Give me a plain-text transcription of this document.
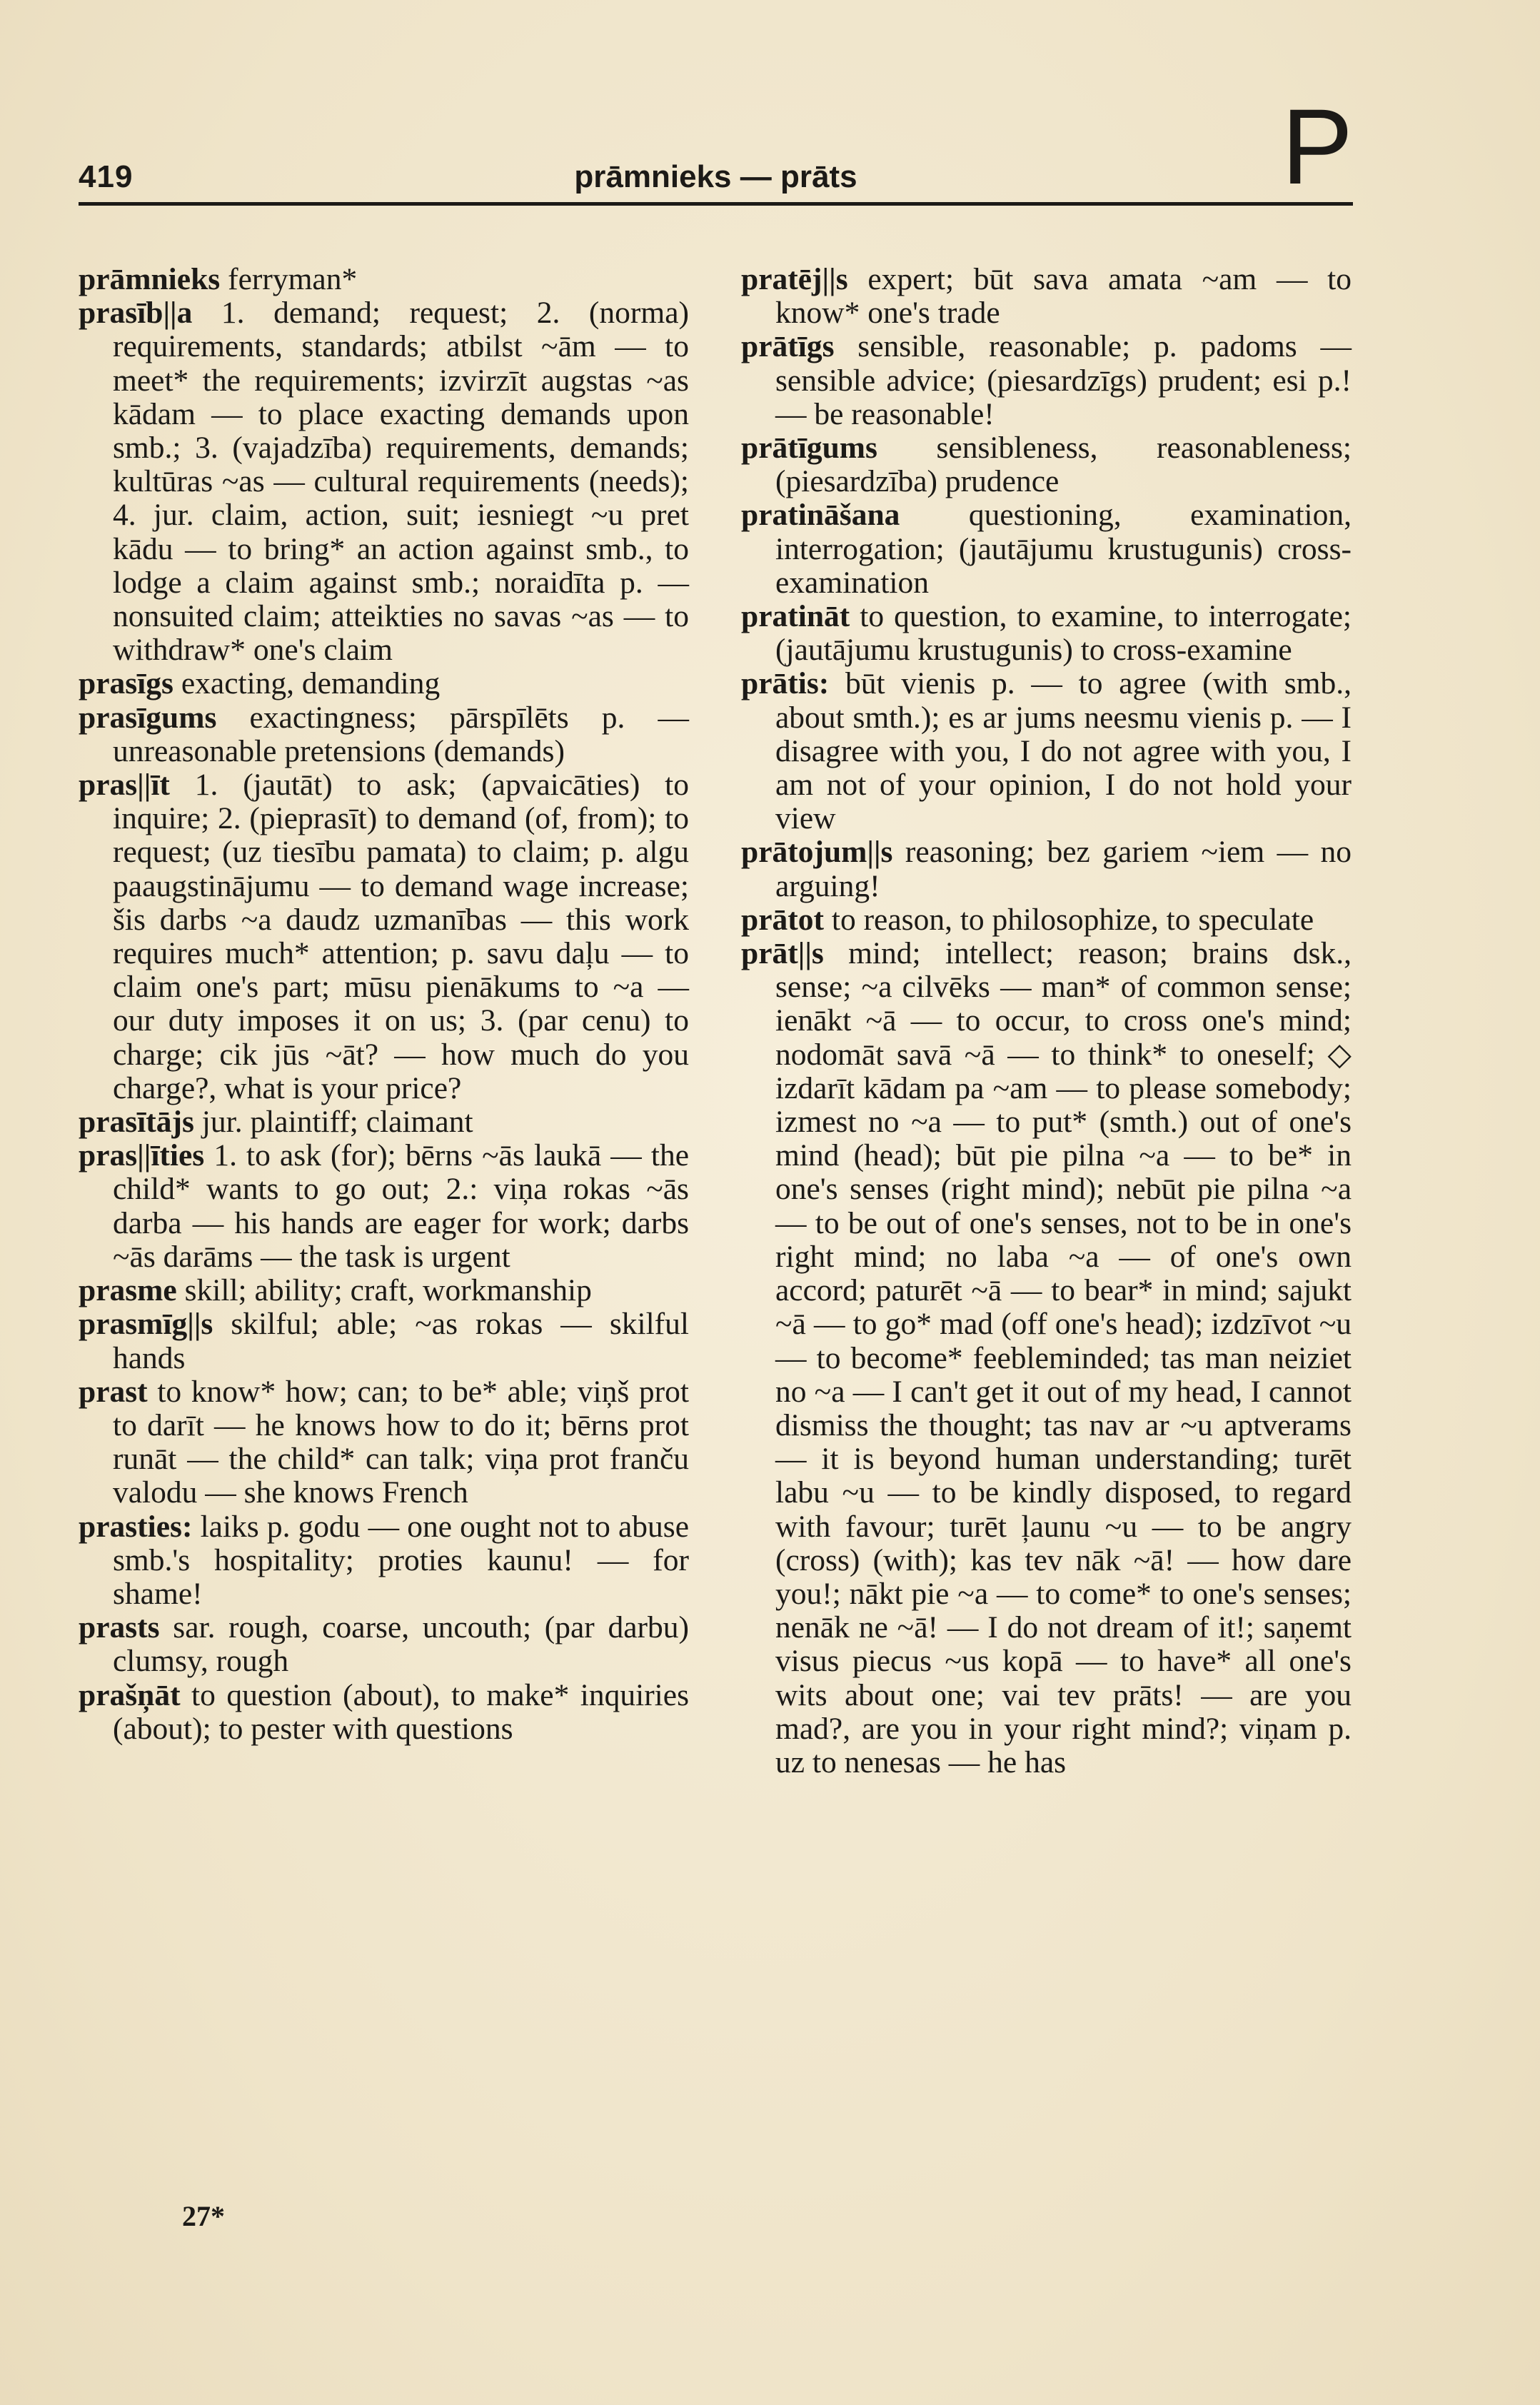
419	prāmnieks — prāts	P

prāmnieks ferryman*

prasīb||a 1. demand; request; 2. (norma) requirements, standards; atbilst ~ām — to meet* the requirements; izvirzīt augstas ~as kādam — to place exacting demands upon smb.; 3. (vajadzība) requirements, demands; kultūras ~as — cultural requirements (needs); 4. jur. claim, action, suit; iesniegt ~u pret kādu — to bring* an action against smb., to lodge a claim against smb.; noraidīta p. — nonsuited claim; atteikties no savas ~as — to withdraw* one's claim

prasīgs exacting, demanding

prasīgums exactingness; pārspīlēts p. — unreasonable pretensions (demands)

pras||īt 1. (jautāt) to ask; (apvaicāties) to inquire; 2. (pieprasīt) to demand (of, from); to request; (uz tiesību pamata) to claim; p. algu paaugstinājumu — to demand wage increase; šis darbs ~a daudz uzmanības — this work requires much* attention; p. savu daļu — to claim one's part; mūsu pienākums to ~a — our duty imposes it on us; 3. (par cenu) to charge; cik jūs ~āt? — how much do you charge?, what is your price?

prasītājs jur. plaintiff; claimant

pras||īties 1. to ask (for); bērns ~ās laukā — the child* wants to go out; 2.: viņa rokas ~ās darba — his hands are eager for work; darbs ~ās darāms — the task is urgent

prasme skill; ability; craft, workmanship

prasmīg||s skilful; able; ~as rokas — skilful hands

prast to know* how; can; to be* able; viņš prot to darīt — he knows how to do it; bērns prot runāt — the child* can talk; viņa prot franču valodu — she knows French

prasties: laiks p. godu — one ought not to abuse smb.'s hospitality; proties kaunu! — for shame!

prasts sar. rough, coarse, uncouth; (par darbu) clumsy, rough

prašņāt to question (about), to make* inquiries (about); to pester with questions

pratēj||s expert; būt sava amata ~am — to know* one's trade

prātīgs sensible, reasonable; p. padoms — sensible advice; (piesardzīgs) prudent; esi p.! — be reasonable!

prātīgums sensibleness, reasonableness; (piesardzība) prudence

pratināšana questioning, examination, interrogation; (jautājumu krustugunis) cross-examination

pratināt to question, to examine, to interrogate; (jautājumu krustugunis) to cross-examine

prātis: būt vienis p. — to agree (with smb., about smth.); es ar jums neesmu vienis p. — I disagree with you, I do not agree with you, I am not of your opinion, I do not hold your view

prātojum||s reasoning; bez gariem ~iem — no arguing!

prātot to reason, to philosophize, to speculate

prāt||s mind; intellect; reason; brains dsk., sense; ~a cilvēks — man* of common sense; ienākt ~ā — to occur, to cross one's mind; nodomāt savā ~ā — to think* to oneself; ◇ izdarīt kādam pa ~am — to please somebody; izmest no ~a — to put* (smth.) out of one's mind (head); būt pie pilna ~a — to be* in one's senses (right mind); nebūt pie pilna ~a — to be out of one's senses, not to be in one's right mind; no laba ~a — of one's own accord; paturēt ~ā — to bear* in mind; sajukt ~ā — to go* mad (off one's head); izdzīvot ~u — to become* feebleminded; tas man neiziet no ~a — I can't get it out of my head, I cannot dismiss the thought; tas nav ar ~u aptverams — it is beyond human understanding; turēt labu ~u — to be kindly disposed, to regard with favour; turēt ļaunu ~u — to be angry (cross) (with); kas tev nāk ~ā! — how dare you!; nākt pie ~a — to come* to one's senses; nenāk ne ~ā! — I do not dream of it!; saņemt visus piecus ~us kopā — to have* all one's wits about one; vai tev prāts! — are you mad?, are you in your right mind?; viņam p. uz to nenesas — he has

27*
